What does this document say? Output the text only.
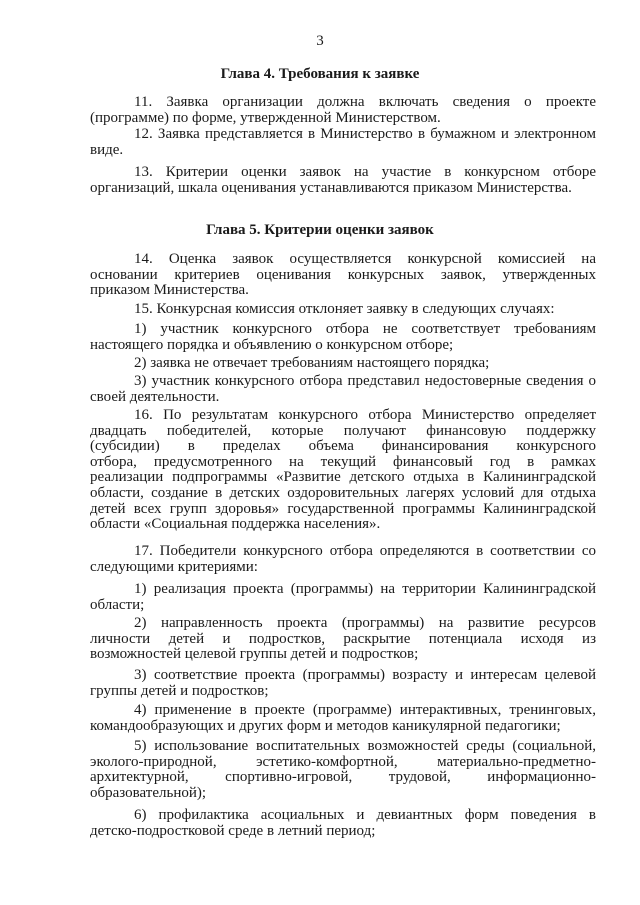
3
Глава 4. Требования к заявке
11. Заявка организации должна включать сведения о проекте
(программе) по форме, утвержденной Министерством.
12. Заявка представляется в Министерство в бумажном и электронном
виде.
13. Критерии оценки заявок на участие в конкурсном отборе
организаций, шкала оценивания устанавливаются приказом Министерства.
Глава 5. Критерии оценки заявок
14. Оценка заявок осуществляется конкурсной комиссией на
основании критериев оценивания конкурсных заявок, утвержденных
приказом Министерства.
15. Конкурсная комиссия отклоняет заявку в следующих случаях:
1) участник конкурсного отбора не соответствует требованиям
настоящего порядка и объявлению о конкурсном отборе;
2) заявка не отвечает требованиям настоящего порядка;
3) участник конкурсного отбора представил недостоверные сведения о
своей деятельности.
16. По результатам конкурсного отбора Министерство определяет
двадцать победителей, которые получают финансовую поддержку
(субсидии) в пределах объема финансирования конкурсного
отбора, предусмотренного на текущий финансовый год в рамках
реализации подпрограммы «Развитие детского отдыха в Калининградской
области, создание в детских оздоровительных лагерях условий для отдыха
детей всех групп здоровья» государственной программы Калининградской
области «Социальная поддержка населения».
17. Победители конкурсного отбора определяются в соответствии со
следующими критериями:
1) реализация проекта (программы) на территории Калининградской
области;
2) направленность проекта (программы) на развитие ресурсов
личности детей и подростков, раскрытие потенциала исходя из
возможностей целевой группы детей и подростков;
3) соответствие проекта (программы) возрасту и интересам целевой
группы детей и подростков;
4) применение в проекте (программе) интерактивных, тренинговых,
командообразующих и других форм и методов каникулярной педагогики;
5) использование воспитательных возможностей среды (социальной,
эколого-природной, эстетико-комфортной, материально-предметно-
архитектурной, спортивно-игровой, трудовой, информационно-
образовательной);
6) профилактика асоциальных и девиантных форм поведения в
детско-подростковой среде в летний период;
